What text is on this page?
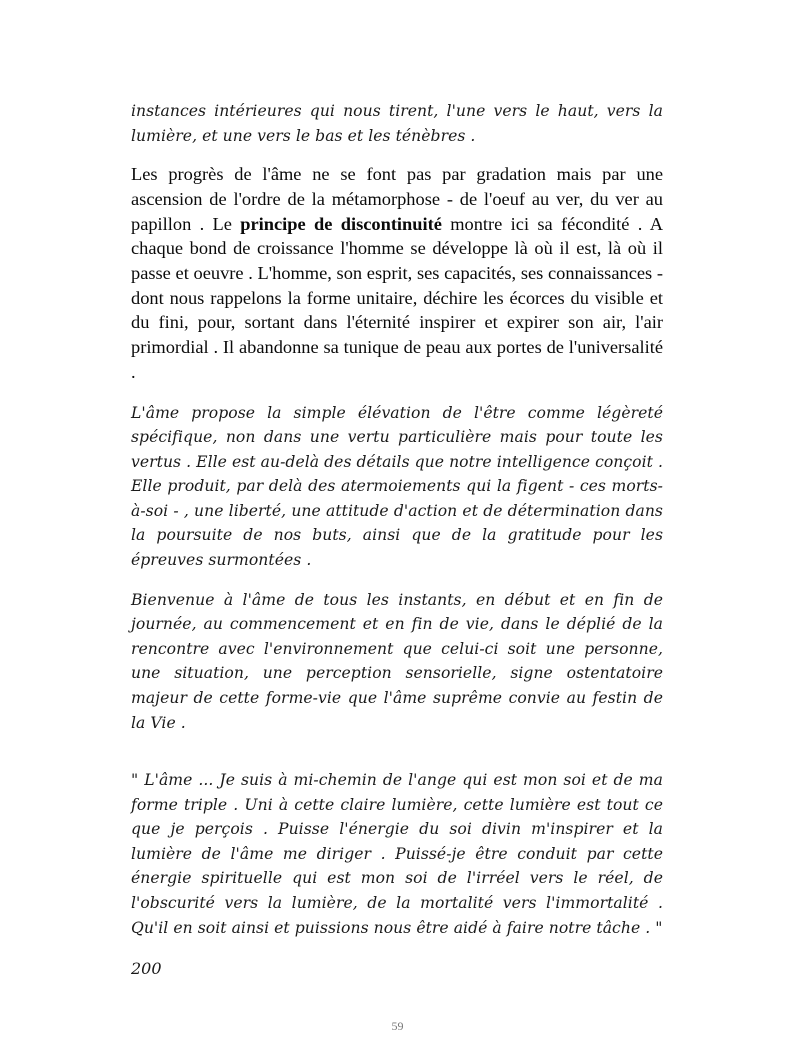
instances intérieures qui nous tirent, l'une vers le haut, vers la lumière, et une vers le bas et les ténèbres .

Les progrès de l'âme ne se font pas par gradation mais par une ascension de l'ordre de la métamorphose - de l'oeuf au ver, du ver au papillon . Le principe de discontinuité montre ici sa fécondité . A chaque bond de croissance l'homme se développe là où il est, là où il passe et oeuvre . L'homme, son esprit, ses capacités, ses connaissances - dont nous rappelons la forme unitaire, déchire les écorces du visible et du fini, pour, sortant dans l'éternité inspirer et expirer son air, l'air primordial . Il abandonne sa tunique de peau aux portes de l'universalité .

L'âme propose la simple élévation de l'être comme légèreté spécifique, non dans une vertu particulière mais pour toute les vertus . Elle est au-delà des détails que notre intelligence conçoit . Elle produit, par delà des atermoiements qui la figent - ces morts-à-soi - , une liberté, une attitude d'action et de détermination dans la poursuite de nos buts, ainsi que de la gratitude pour les épreuves surmontées .

Bienvenue à l'âme de tous les instants, en début et en fin de journée, au commencement et en fin de vie, dans le déplié de la rencontre avec l'environnement que celui-ci soit une personne, une situation, une perception sensorielle, signe ostentatoire majeur de cette forme-vie que l'âme suprême convie au festin de la Vie .

" L'âme ... Je suis à mi-chemin de l'ange qui est mon soi et de ma forme triple . Uni à cette claire lumière, cette lumière est tout ce que je perçois . Puisse l'énergie du soi divin m'inspirer et la lumière de l'âme me diriger . Puissé-je être conduit par cette énergie spirituelle qui est mon soi de l'irréel vers le réel, de l'obscurité vers la lumière, de la mortalité vers l'immortalité . Qu'il en soit ainsi et puissions nous être aidé à faire notre tâche . "

200
59
